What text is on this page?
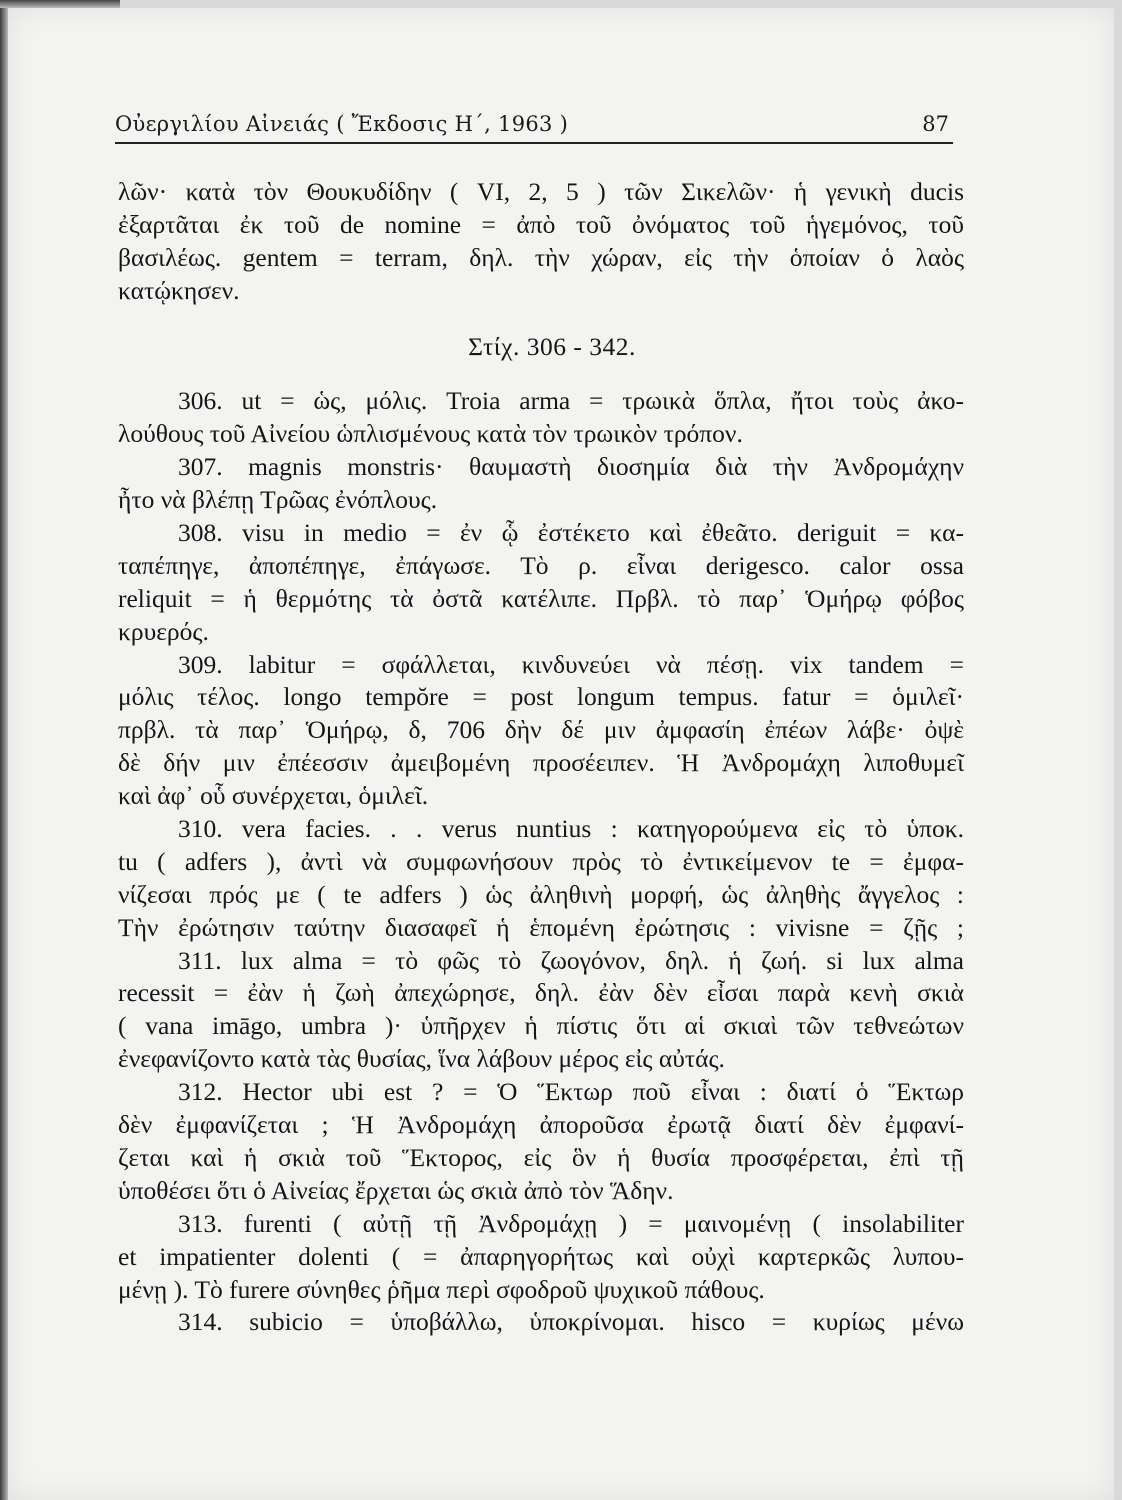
Οὐεργιλίου Αἰνειάς ( Ἔκδοσις Η΄, 1963 )	87
λῶν· κατὰ τὸν Θουκυδίδην ( VI, 2, 5 ) τῶν Σικελῶν· ἡ γενικὴ ducis
ἐξαρτᾶται ἐκ τοῦ de nomine = ἀπὸ τοῦ ὀνόματος τοῦ ἡγεμόνος, τοῦ
βασιλέως. gentem = terram, δηλ. τὴν χώραν, εἰς τὴν ὁποίαν ὁ λαὸς
κατῴκησεν.
Στίχ. 306 - 342.
306. ut = ὡς, μόλις. Troia arma = τρωικὰ ὅπλα, ἤτοι τοὺς ἀκο-
λούθους τοῦ Αἰνείου ὡπλισμένους κατὰ τὸν τρωικὸν τρόπον.
307. magnis monstris· θαυμαστὴ διοσημία διὰ τὴν Ἀνδρομάχην
ἦτο νὰ βλέπῃ Τρῶας ἐνόπλους.
308. visu in medio = ἐν ᾧ ἐστέκετο καὶ ἐθεᾶτο. deriguit = κα-
ταπέπηγε, ἀποπέπηγε, ἐπάγωσε. Τὸ ρ. εἶναι derigesco. calor ossa
reliquit = ἡ θερμότης τὰ ὀστᾶ κατέλιπε. Πρβλ. τὸ παρ᾽ Ὁμήρῳ φόβος
κρυερός.
309. labitur = σφάλλεται, κινδυνεύει νὰ πέσῃ. vix tandem =
μόλις τέλος. longo tempŏre = post longum tempus. fatur = ὁμιλεῖ·
πρβλ. τὰ παρ᾽ Ὁμήρῳ, δ, 706 δὴν δέ μιν ἀμφασίη ἐπέων λάβε· ὀψὲ
δὲ δήν μιν ἐπέεσσιν ἀμειβομένη προσέειπεν. Ἡ Ἀνδρομάχη λιποθυμεῖ
καὶ ἀφ᾽ οὗ συνέρχεται, ὁμιλεῖ.
310. vera facies. . . verus nuntius : κατηγορούμενα εἰς τὸ ὑποκ.
tu ( adfers ), ἀντὶ νὰ συμφωνήσουν πρὸς τὸ ἐντικείμενον te = ἐμφα-
νίζεσαι πρός με ( te adfers ) ὡς ἀληθινὴ μορφή, ὡς ἀληθὴς ἄγγελος :
Τὴν ἐρώτησιν ταύτην διασαφεῖ ἡ ἑπομένη ἐρώτησις : vivisne = ζῇς ;
311. lux alma = τὸ φῶς τὸ ζωογόνον, δηλ. ἡ ζωή. si lux alma
recessit = ἐὰν ἡ ζωὴ ἀπεχώρησε, δηλ. ἐὰν δὲν εἶσαι παρὰ κενὴ σκιὰ
( vana imāgo, umbra )· ὑπῆρχεν ἡ πίστις ὅτι αἱ σκιαὶ τῶν τεθνεώτων
ἐνεφανίζοντο κατὰ τὰς θυσίας, ἵνα λάβουν μέρος εἰς αὐτάς.
312. Hector ubi est ? = Ὁ Ἕκτωρ ποῦ εἶναι : διατί ὁ Ἕκτωρ
δὲν ἐμφανίζεται ; Ἡ Ἀνδρομάχη ἀποροῦσα ἐρωτᾷ διατί δὲν ἐμφανί-
ζεται καὶ ἡ σκιὰ τοῦ Ἕκτορος, εἰς ὃν ἡ θυσία προσφέρεται, ἐπὶ τῇ
ὑποθέσει ὅτι ὁ Αἰνείας ἔρχεται ὡς σκιὰ ἀπὸ τὸν Ἅδην.
313. furenti ( αὐτῇ τῇ Ἀνδρομάχῃ ) = μαινομένῃ ( insolabiliter
et impatienter dolenti ( = ἀπαρηγορήτως καὶ οὐχὶ καρτερκῶς λυπου-
μένῃ ). Τὸ furere σύνηθες ῥῆμα περὶ σφοδροῦ ψυχικοῦ πάθους.
314. subicio = ὑποβάλλω, ὑποκρίνομαι. hisco = κυρίως μένω
